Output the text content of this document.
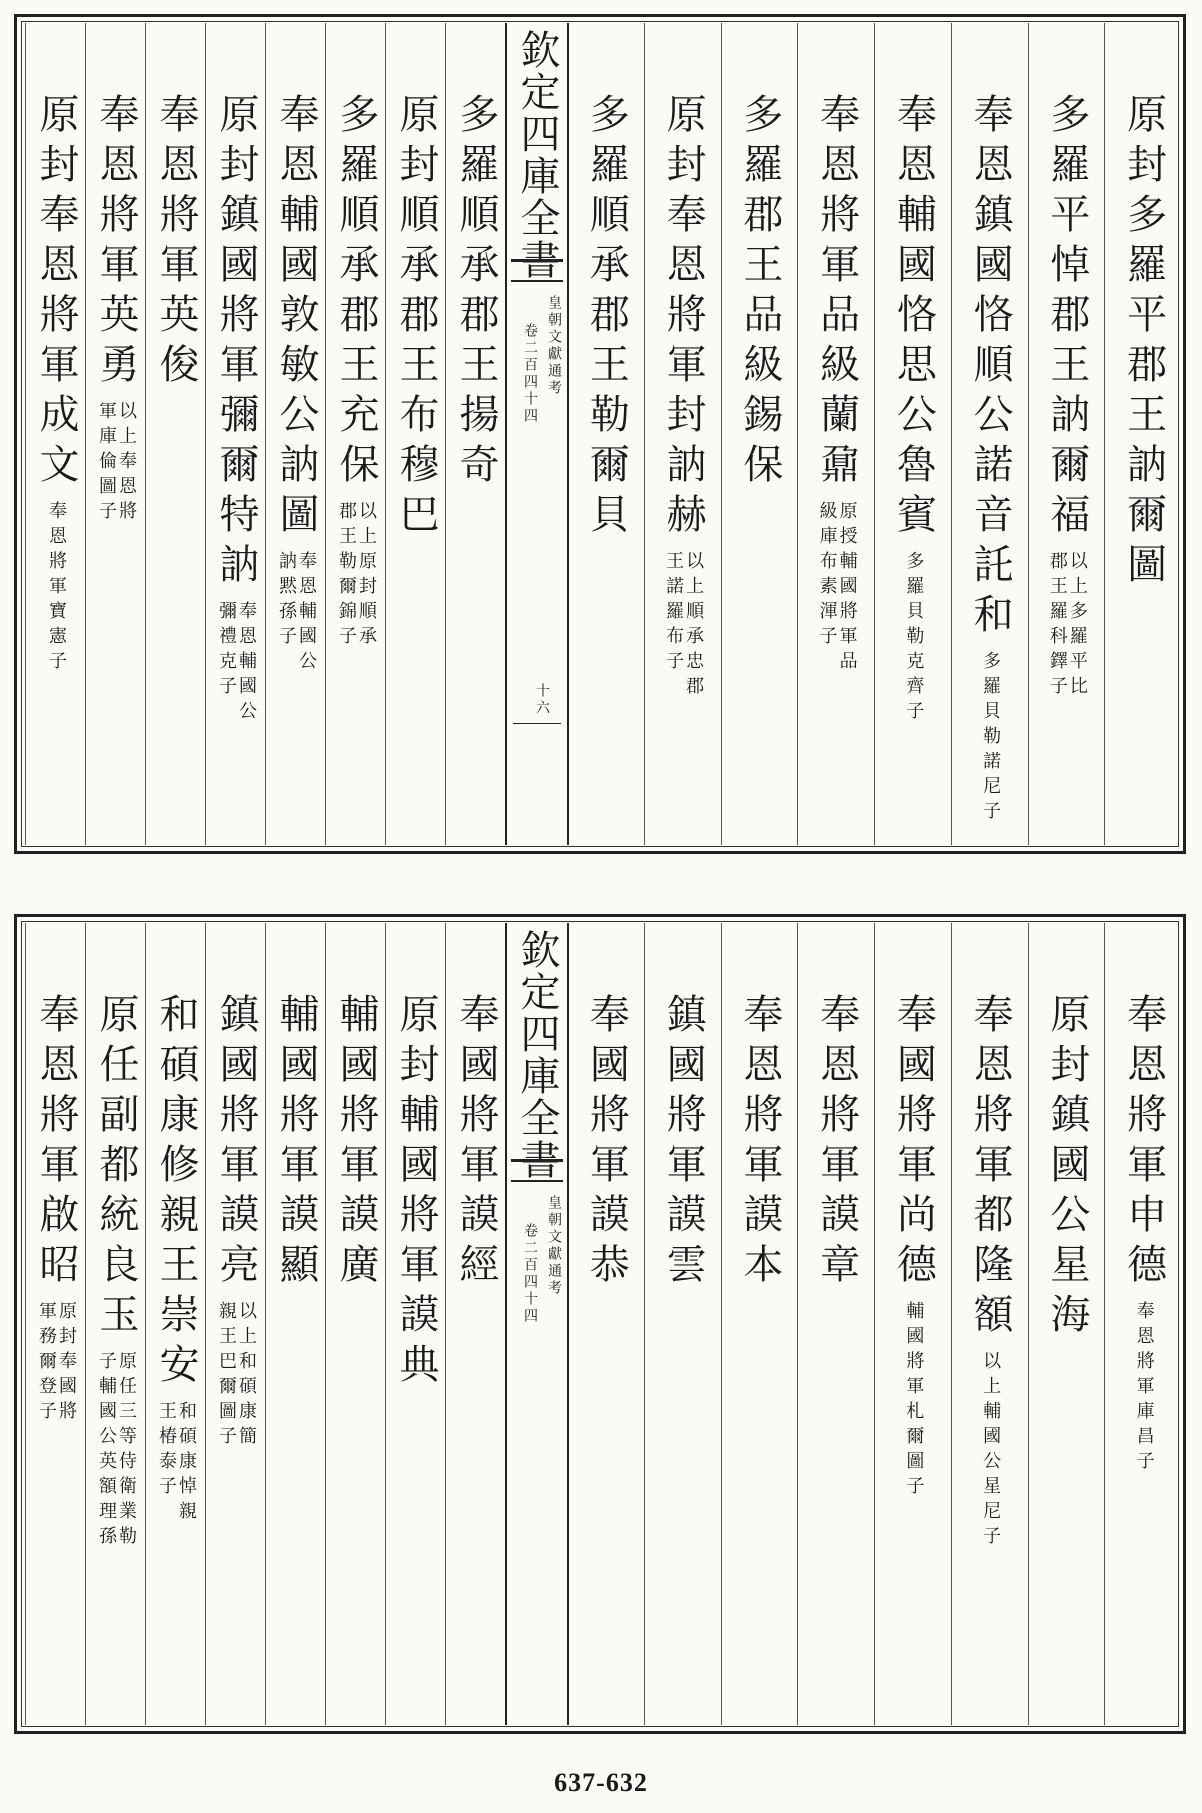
原封多羅平郡王訥爾圖
多羅平悼郡王訥爾福
以上多羅平比
郡王羅科鐸子
奉恩鎮國恪順公諾音託和
多羅貝勒諾尼子
奉恩輔國恪思公魯賓
多羅貝勒克齊子
奉恩將軍品級蘭鼐
原授輔國將軍品
級庫布素渾子
多羅郡王品級錫保
原封奉恩將軍封訥赫
以上順承忠郡
王諾羅布子
多羅順承郡王勒爾貝
多羅順承郡王揚奇
原封順承郡王布穆巴
多羅順承郡王充保
以上原封順承
郡王勒爾錦子
奉恩輔國敦敏公訥圖
奉恩輔國公
訥黙孫子
原封鎮國將軍彌爾特訥
奉恩輔國公
彌禮克子
奉恩將軍英俊
奉恩將軍英勇
以上奉恩將
軍庫倫圖子
原封奉恩將軍成文
奉恩將軍寶憲子
欽定四庫全書
皇朝文獻通考
卷二百四十四
十六
奉恩將軍申德
奉恩將軍庫昌子
原封鎮國公星海
奉恩將軍都隆額
以上輔國公星尼子
奉國將軍尚德
輔國將軍札爾圖子
奉恩將軍謨章
奉恩將軍謨本
鎮國將軍謨雲
奉國將軍謨恭
奉國將軍謨經
原封輔國將軍謨典
輔國將軍謨廣
輔國將軍謨顯
鎮國將軍謨亮
以上和碩康簡
親王巴爾圖子
和碩康修親王崇安
和碩康悼親
王椿泰子
原任副都統良玉
原任三等侍衛業勒
子輔國公英額理孫
奉恩將軍啟昭
原封奉國將
軍務爾登子
欽定四庫全書
皇朝文獻通考
卷二百四十四
637-632
